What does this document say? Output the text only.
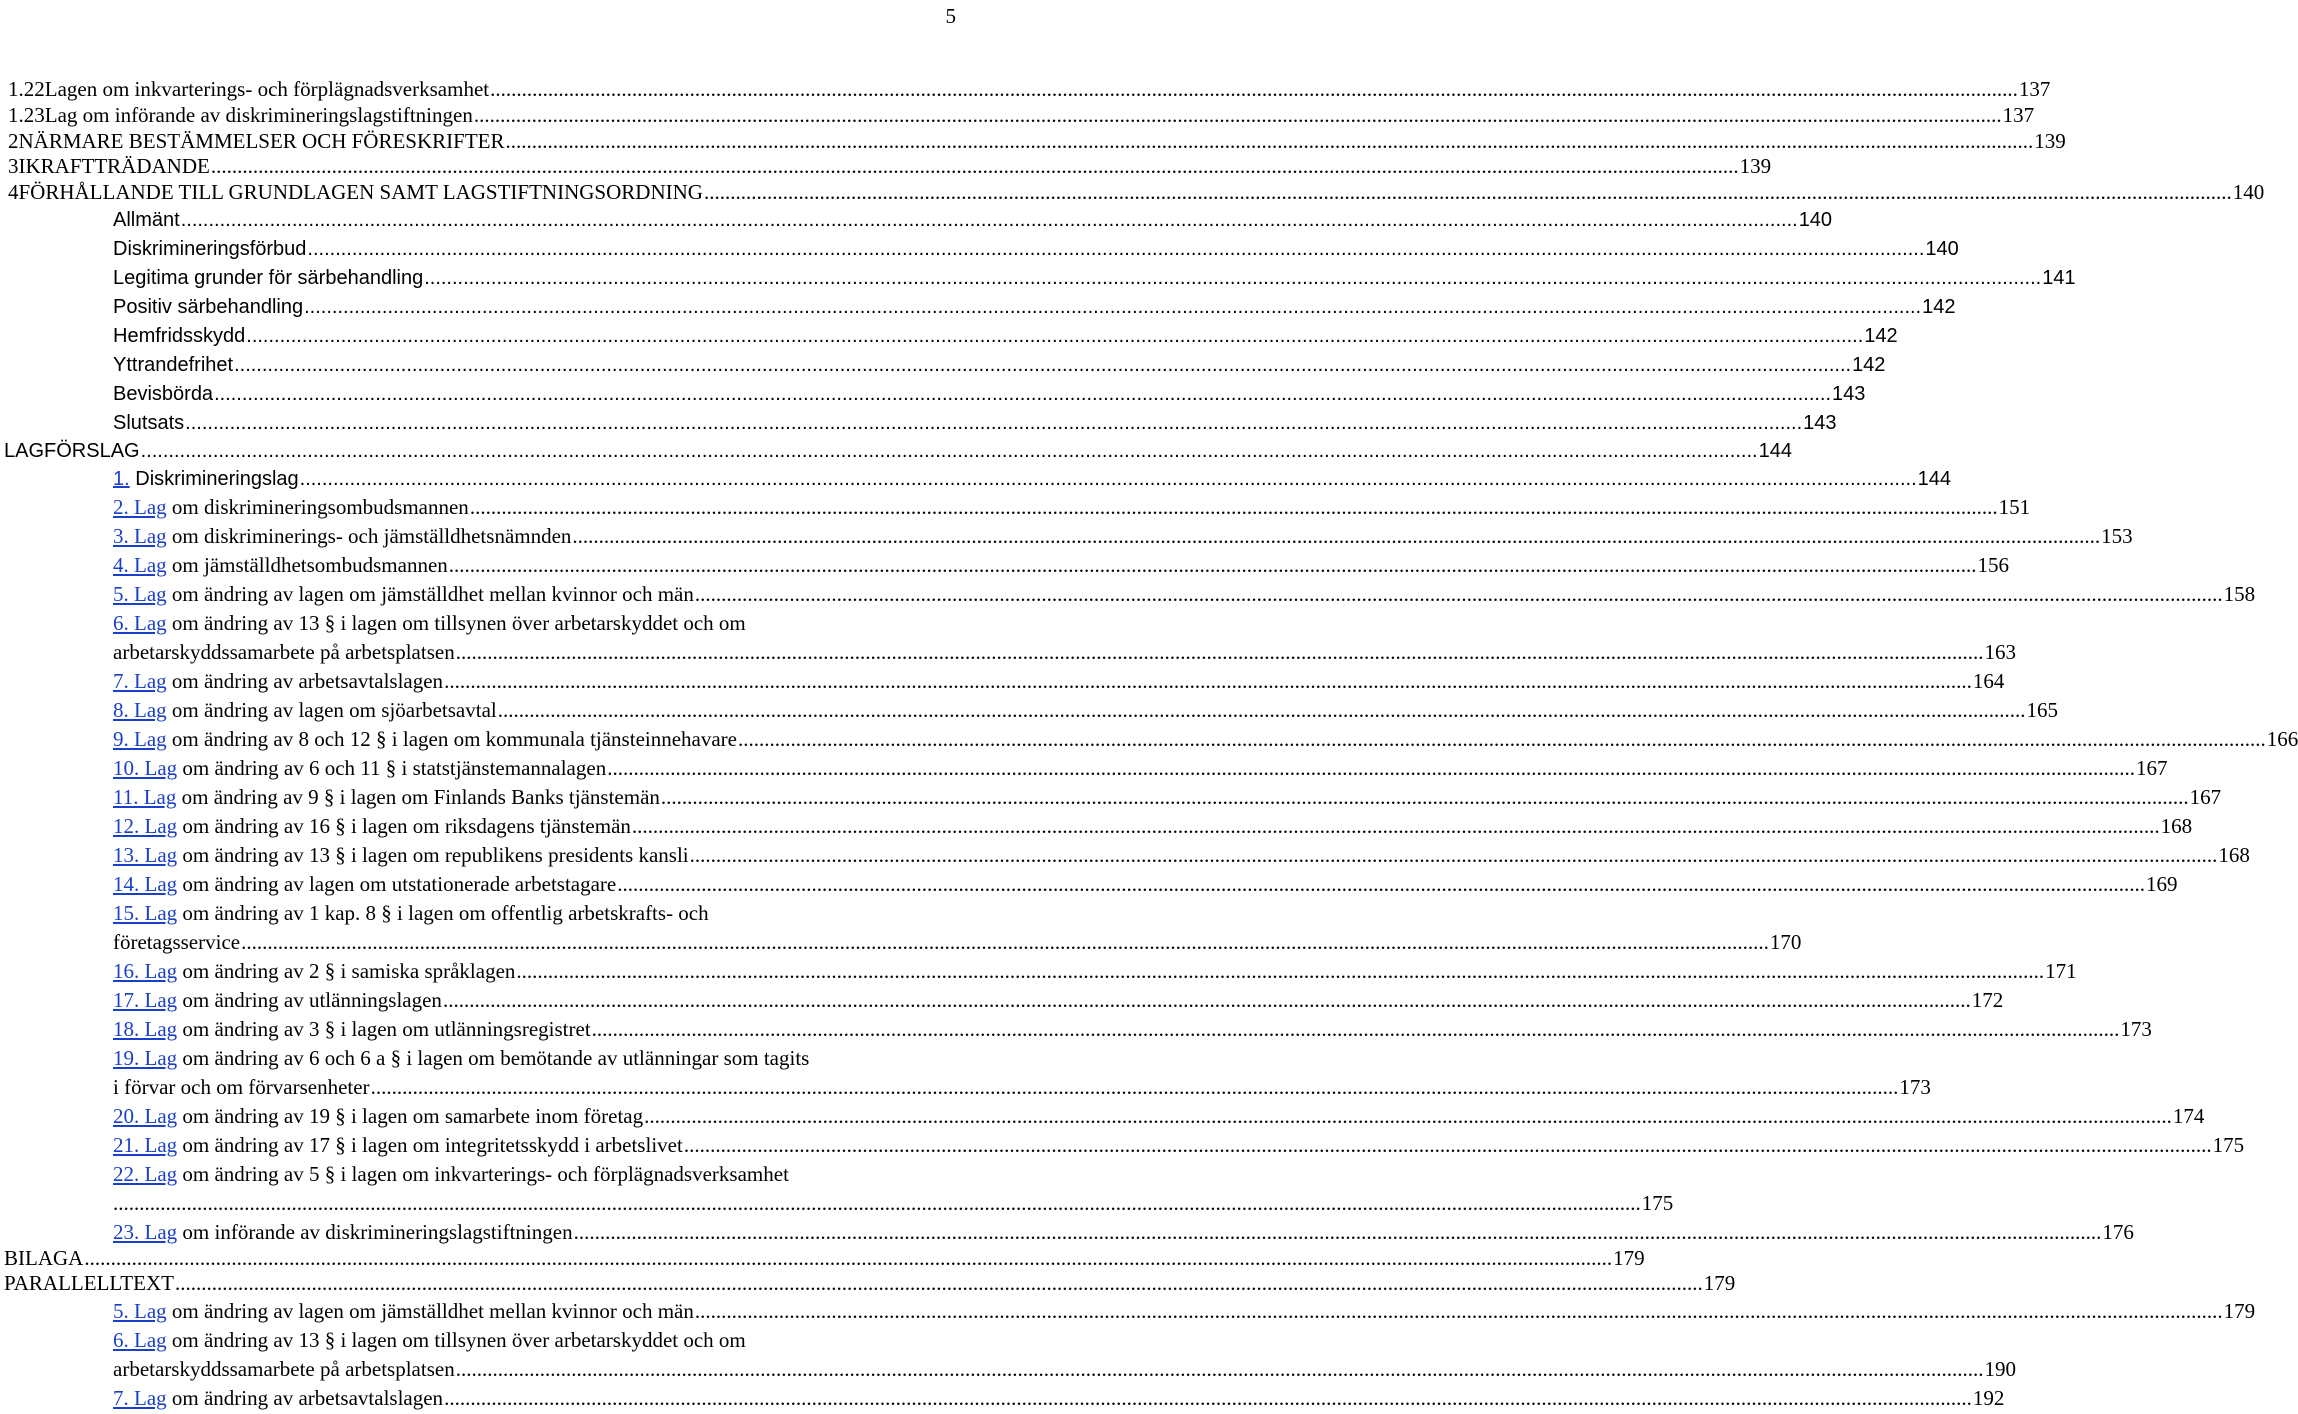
5
1.22 Lagen om inkvarterings- och förplägnadsverksamhet .....	137
1.23 Lag om införande av diskrimineringslagstiftningen .....	137
2 NÄRMARE BESTÄMMELSER OCH FÖRESKRIFTER .....	139
3 IKRAFTTRÄDANDE .....	139
4 FÖRHÅLLANDE TILL GRUNDLAGEN SAMT LAGSTIFTNINGSORDNING .....	140
Allmänt .....	140
Diskrimineringsförbud .....	140
Legitima grunder för särbehandling .....	141
Positiv särbehandling .....	142
Hemfridsskydd .....	142
Yttrandefrihet .....	142
Bevisbörda .....	143
Slutsats .....	143
LAGFÖRSLAG .....	144
1.
Diskrimineringslag .....	144
2. Lag
om diskrimineringsombudsmannen .....	151
3. Lag
om diskriminerings- och jämställdhetsnämnden .....	153
4. Lag
om jämställdhetsombudsmannen .....	156
5. Lag
om ändring av lagen om jämställdhet mellan kvinnor och män .....	158
6. Lag
om ändring av 13 § i lagen om tillsynen över arbetarskyddet och om
arbetarskyddssamarbete på arbetsplatsen .....	163
7. Lag
om ändring av arbetsavtalslagen .....	164
8. Lag
om ändring av lagen om sjöarbetsavtal .....	165
9. Lag
om ändring av 8 och 12 § i lagen om kommunala tjänsteinnehavare .....	166
10. Lag
om ändring av 6 och 11 § i statstjänstemannalagen .....	167
11. Lag
om ändring av 9 § i lagen om Finlands Banks tjänstemän .....	167
12. Lag
om ändring av 16 § i lagen om riksdagens tjänstemän .....	168
13. Lag
om ändring av 13 § i lagen om republikens presidents kansli .....	168
14. Lag
om ändring av lagen om utstationerade arbetstagare .....	169
15. Lag
om ändring av 1 kap. 8 § i lagen om offentlig arbetskrafts- och
företagsservice .....	170
16. Lag
om ändring av 2 § i samiska språklagen .....	171
17. Lag
om ändring av utlänningslagen .....	172
18. Lag
om ändring av 3 § i lagen om utlänningsregistret .....	173
19. Lag
om ändring av 6 och 6 a § i lagen om bemötande av utlänningar som tagits
i förvar och om förvarsenheter .....	173
20. Lag
om ändring av 19 § i lagen om samarbete inom företag .....	174
21. Lag
om ändring av 17 § i lagen om integritetsskydd i arbetslivet .....	175
22. Lag
om ändring av 5 § i lagen om inkvarterings- och förplägnadsverksamhet
.....
175
23. Lag
om införande av diskrimineringslagstiftningen .....	176
BILAGA .....	179
PARALLELLTEXT .....	179
5. Lag
om ändring av lagen om jämställdhet mellan kvinnor och män .....	179
6. Lag
om ändring av 13 § i lagen om tillsynen över arbetarskyddet och om
arbetarskyddssamarbete på arbetsplatsen .....	190
7. Lag
om ändring av arbetsavtalslagen .....	192
